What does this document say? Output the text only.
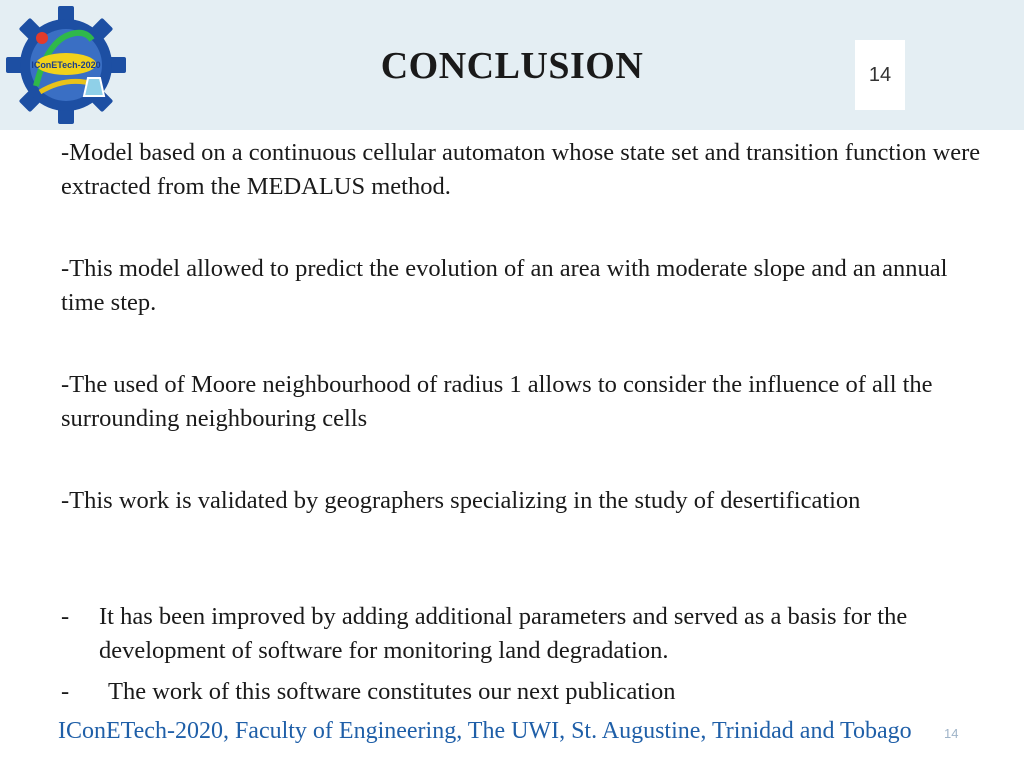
IConETech-2020	CONCLUSION	14

-Model based on a continuous cellular automaton whose state set and transition function were extracted from the MEDALUS method.

-This model allowed to predict the evolution of an area with moderate slope and an annual time step.

-The used of Moore neighbourhood of radius 1 allows to consider the influence of all the surrounding neighbouring cells

-This work is validated by geographers specializing in the study of desertification

- It has been improved by adding additional parameters and served as a basis for the development of software for monitoring land degradation.
- The work of this software constitutes our next publication
IConETech-2020, Faculty of Engineering, The UWI, St. Augustine, Trinidad and Tobago 14
